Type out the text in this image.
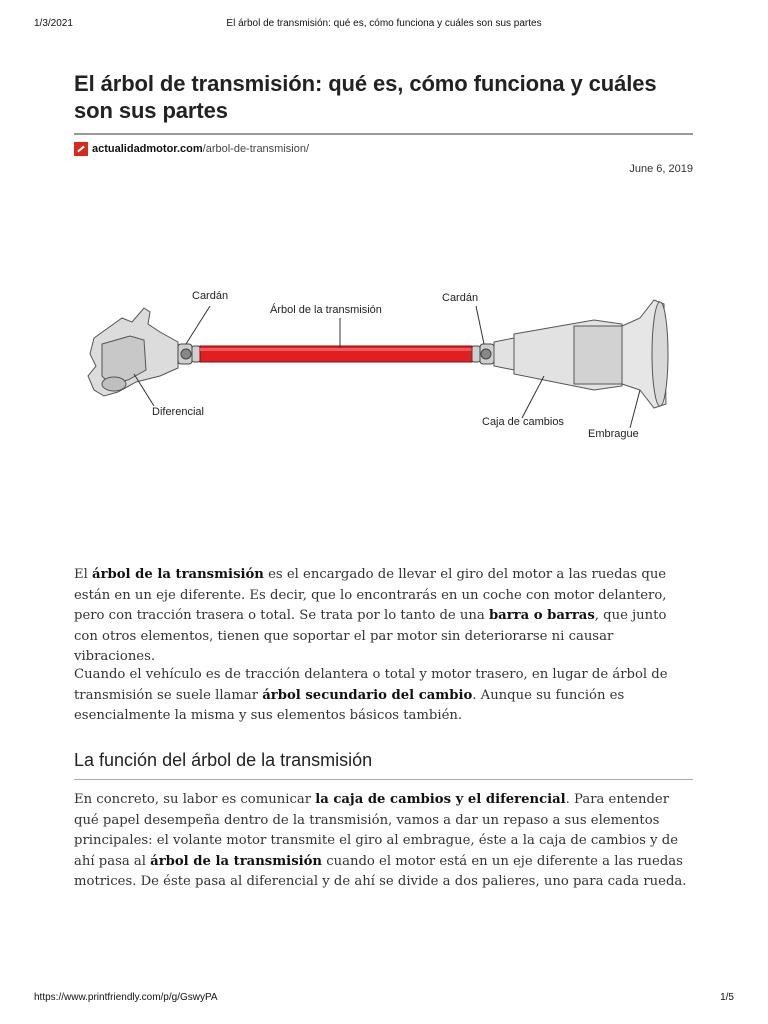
1/3/2021	El árbol de transmisión: qué es, cómo funciona y cuáles son sus partes
El árbol de transmisión: qué es, cómo funciona y cuáles son sus partes
actualidadmotor.com/arbol-de-transmision/
June 6, 2019
Cardán
Árbol de la transmisión
Cardán
Diferencial
Caja de cambios
Embrague

El árbol de la transmisión es el encargado de llevar el giro del motor a las ruedas que están en un eje diferente. Es decir, que lo encontrarás en un coche con motor delantero, pero con tracción trasera o total. Se trata por lo tanto de una barra o barras, que junto con otros elementos, tienen que soportar el par motor sin deteriorarse ni causar vibraciones.

Cuando el vehículo es de tracción delantera o total y motor trasero, en lugar de árbol de transmisión se suele llamar árbol secundario del cambio. Aunque su función es esencialmente la misma y sus elementos básicos también.

La función del árbol de la transmisión

En concreto, su labor es comunicar la caja de cambios y el diferencial. Para entender qué papel desempeña dentro de la transmisión, vamos a dar un repaso a sus elementos principales: el volante motor transmite el giro al embrague, éste a la caja de cambios y de ahí pasa al árbol de la transmisión cuando el motor está en un eje diferente a las ruedas motrices. De éste pasa al diferencial y de ahí se divide a dos palieres, uno para cada rueda.

https://www.printfriendly.com/p/g/GswyPA	1/5
